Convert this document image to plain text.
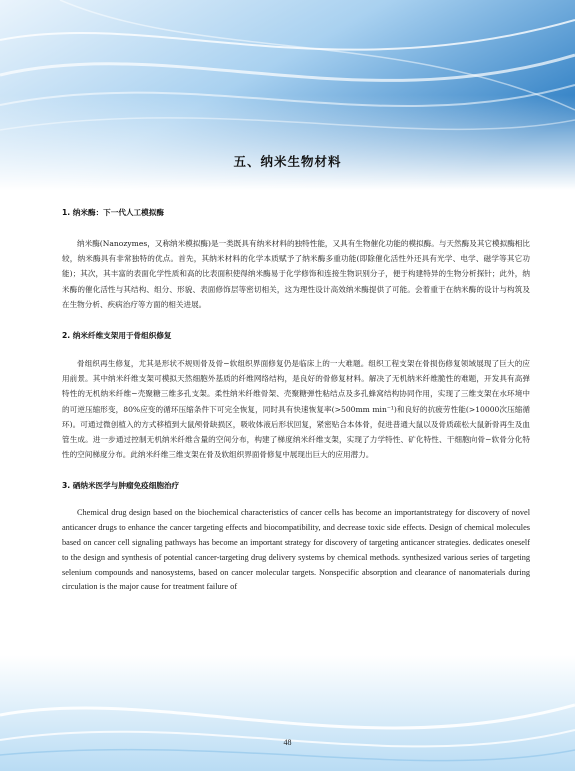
五、纳米生物材料

1. 纳米酶：下一代人工模拟酶

纳米酶(Nanozymes，又称纳米模拟酶)是一类既具有纳米材料的独特性能，又具有生物催化功能的模拟酶。与天然酶及其它模拟酶相比较，纳米酶具有非常独特的优点。首先，其纳米材料的化学本质赋予了纳米酶多重功能(即除催化活性外还具有光学、电学、磁学等其它功能)；其次，其丰富的表面化学性质和高的比表面积使得纳米酶易于化学修饰和连接生物识别分子，便于构建特异的生物分析探针；此外，纳米酶的催化活性与其结构、组分、形貌、表面修饰层等密切相关，这为理性设计高效纳米酶提供了可能。会着重于在纳米酶的设计与构筑及在生物分析、疾病治疗等方面的相关进展。

2. 纳米纤维支架用于骨组织修复

骨组织再生修复，尤其是形状不规则骨及骨−软组织界面修复仍是临床上的一大难题。组织工程支架在骨损伤修复领域展现了巨大的应用前景。其中纳米纤维支架可模拟天然细胞外基质的纤维网络结构，是良好的骨修复材料。解决了无机纳米纤维脆性的难题，开发具有高弹特性的无机纳米纤维−壳聚糖三维多孔支架。柔性纳米纤维骨架、壳聚糖弹性粘结点及多孔蜂窝结构协同作用，实现了三维支架在水环境中的可逆压缩形变，80%应变的循环压缩条件下可完全恢复，同时具有快速恢复率(>500mm min⁻¹)和良好的抗疲劳性能(>10000次压缩循环)。可通过微创植入的方式移植到大鼠颅骨缺损区，吸收体液后形状回复，紧密贴合本体骨，促进普通大鼠以及骨质疏松大鼠新骨再生及血管生成。进一步通过控制无机纳米纤维含量的空间分布，构建了梯度纳米纤维支架，实现了力学特性、矿化特性、干细胞向骨−软骨分化特性的空间梯度分布。此纳米纤维三维支架在骨及软组织界面骨修复中展现出巨大的应用潜力。

3. 硒纳米医学与肿瘤免疫细胞治疗

Chemical drug design based on the biochemical characteristics of cancer cells has become an importantstrategy for discovery of novel anticancer drugs to enhance the cancer targeting effects and biocompatibility, and decrease toxic side effects. Design of chemical molecules based on cancer cell signaling pathways has become an important strategy for discovery of targeting anticancer strategies. dedicates oneself to the design and synthesis of potential cancer-targeting drug delivery systems by chemical methods. synthesized various series of targeting selenium compounds and nanosystems, based on cancer molecular targets. Nonspecific absorption and clearance of nanomaterials during circulation is the major cause for treatment failure of

48
